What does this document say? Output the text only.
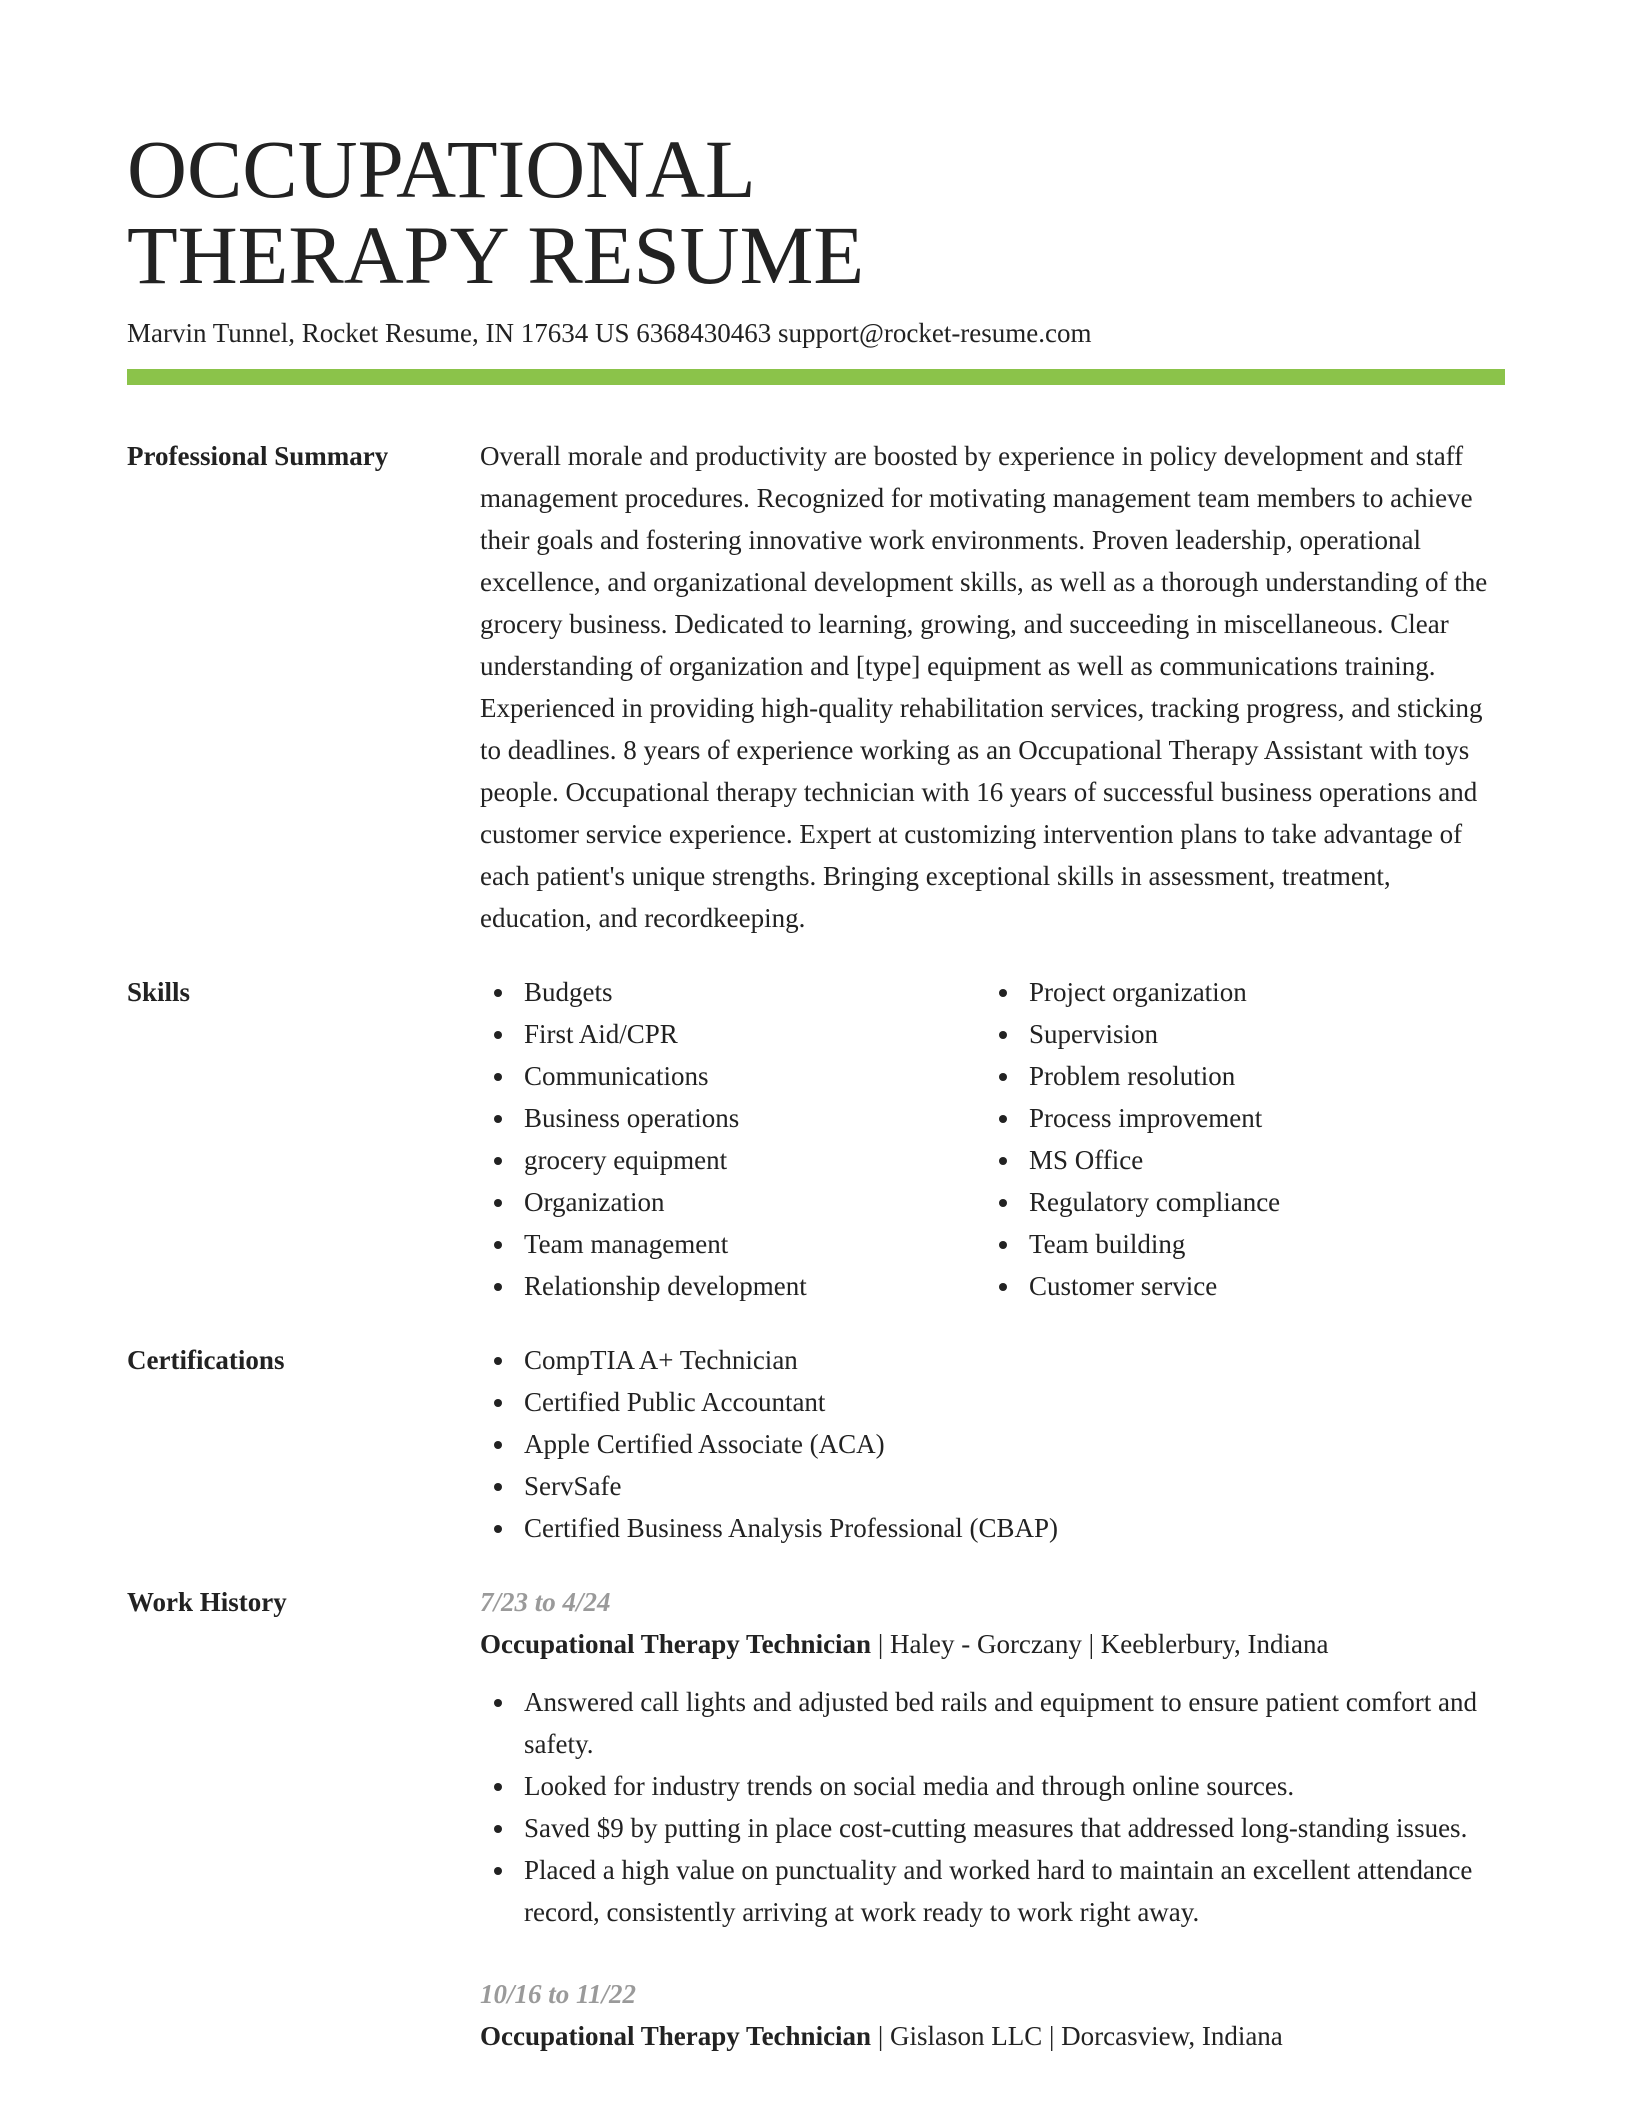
OCCUPATIONAL
THERAPY RESUME
Marvin Tunnel, Rocket Resume, IN 17634 US 6368430463 support@rocket-resume.com
Professional Summary	Overall morale and productivity are boosted by experience in policy development and staff management procedures. Recognized for motivating management team members to achieve their goals and fostering innovative work environments. Proven leadership, operational excellence, and organizational development skills, as well as a thorough understanding of the grocery business. Dedicated to learning, growing, and succeeding in miscellaneous. Clear understanding of organization and [type] equipment as well as communications training. Experienced in providing high-quality rehabilitation services, tracking progress, and sticking to deadlines. 8 years of experience working as an Occupational Therapy Assistant with toys people. Occupational therapy technician with 16 years of successful business operations and customer service experience. Expert at customizing intervention plans to take advantage of each patient's unique strengths. Bringing exceptional skills in assessment, treatment, education, and recordkeeping.

Skills	Budgets
First Aid/CPR
Communications
Business operations
grocery equipment
Organization
Team management
Relationship development
Project organization
Supervision
Problem resolution
Process improvement
MS Office
Regulatory compliance
Team building
Customer service
Certifications	CompTIA A+ Technician
Certified Public Accountant
Apple Certified Associate (ACA)
ServSafe
Certified Business Analysis Professional (CBAP)
Work History	7/23 to 4/24
Occupational Therapy Technician | Haley - Gorczany | Keeblerbury, Indiana
Answered call lights and adjusted bed rails and equipment to ensure patient comfort and safety.
Looked for industry trends on social media and through online sources.
Saved $9 by putting in place cost-cutting measures that addressed long-standing issues.
Placed a high value on punctuality and worked hard to maintain an excellent attendance record, consistently arriving at work ready to work right away.
10/16 to 11/22
Occupational Therapy Technician | Gislason LLC | Dorcasview, Indiana
